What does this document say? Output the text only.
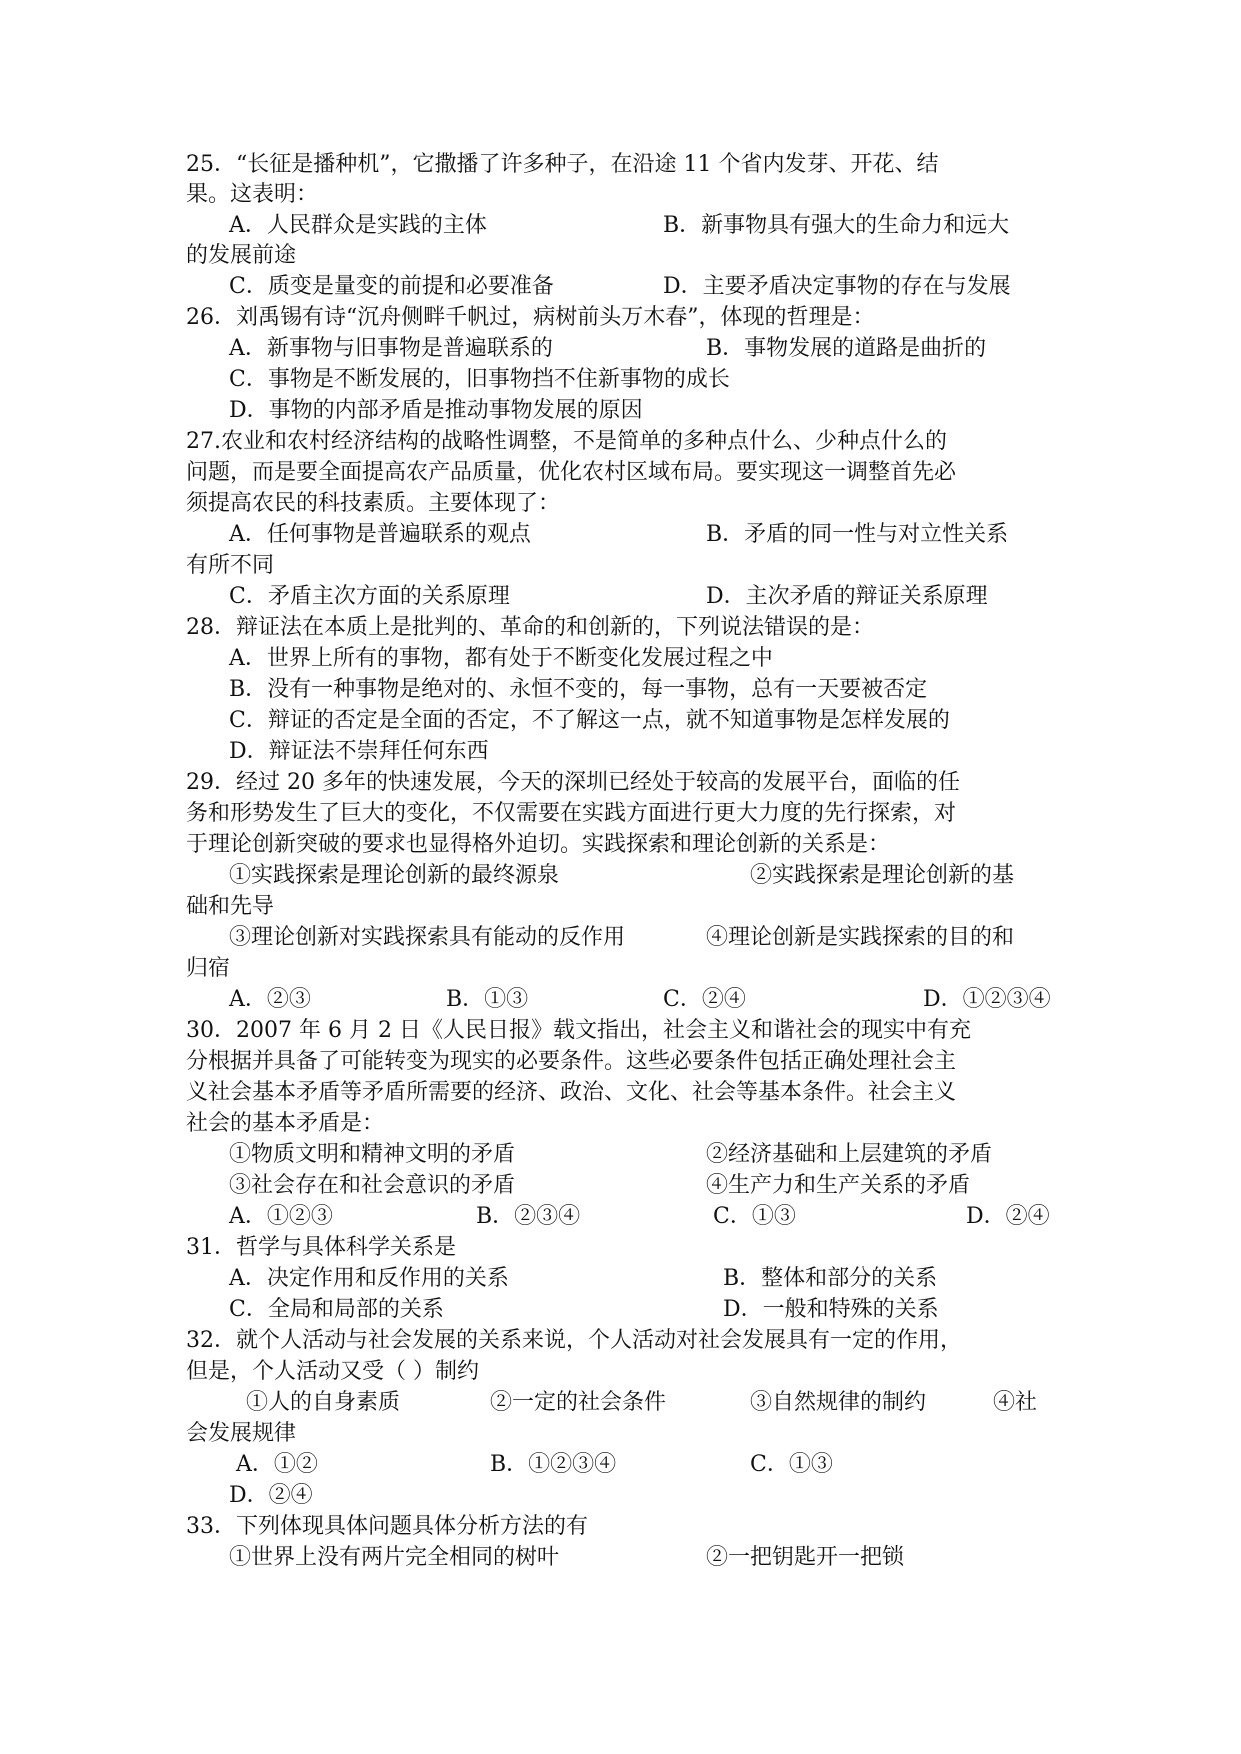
25．“长征是播种机”，它撒播了许多种子，在沿途 11 个省内发芽、开花、结
果。这表明：
A．人民群众是实践的主体	B．新事物具有强大的生命力和远大
的发展前途
C．质变是量变的前提和必要准备	D．主要矛盾决定事物的存在与发展
26．刘禹锡有诗“沉舟侧畔千帆过，病树前头万木春”，体现的哲理是：
A．新事物与旧事物是普遍联系的	B．事物发展的道路是曲折的
C．事物是不断发展的，旧事物挡不住新事物的成长
D．事物的内部矛盾是推动事物发展的原因
27.农业和农村经济结构的战略性调整，不是简单的多种点什么、少种点什么的
问题，而是要全面提高农产品质量，优化农村区域布局。要实现这一调整首先必
须提高农民的科技素质。主要体现了：
A．任何事物是普遍联系的观点	B．矛盾的同一性与对立性关系
有所不同
C．矛盾主次方面的关系原理	D．主次矛盾的辩证关系原理
28．辩证法在本质上是批判的、革命的和创新的，下列说法错误的是：
A．世界上所有的事物，都有处于不断变化发展过程之中
B．没有一种事物是绝对的、永恒不变的，每一事物，总有一天要被否定
C．辩证的否定是全面的否定，不了解这一点，就不知道事物是怎样发展的
D．辩证法不崇拜任何东西
29．经过 20 多年的快速发展，今天的深圳已经处于较高的发展平台，面临的任
务和形势发生了巨大的变化，不仅需要在实践方面进行更大力度的先行探索，对
于理论创新突破的要求也显得格外迫切。实践探索和理论创新的关系是：
①实践探索是理论创新的最终源泉	②实践探索是理论创新的基
础和先导
③理论创新对实践探索具有能动的反作用	④理论创新是实践探索的目的和
归宿
A．②③	B．①③	C．②④	D．①②③④
30．2007 年 6 月 2 日《人民日报》载文指出，社会主义和谐社会的现实中有充
分根据并具备了可能转变为现实的必要条件。这些必要条件包括正确处理社会主
义社会基本矛盾等矛盾所需要的经济、政治、文化、社会等基本条件。社会主义
社会的基本矛盾是：
①物质文明和精神文明的矛盾	②经济基础和上层建筑的矛盾
③社会存在和社会意识的矛盾	④生产力和生产关系的矛盾
A．①②③	B．②③④	C．①③	D．②④
31．哲学与具体科学关系是
A．决定作用和反作用的关系	B．整体和部分的关系
C．全局和局部的关系	D．一般和特殊的关系
32．就个人活动与社会发展的关系来说，个人活动对社会发展具有一定的作用，
但是，个人活动又受（ ）制约
①人的自身素质	②一定的社会条件	③自然规律的制约	④社
会发展规律
A．①②	B．①②③④	C．①③
D．②④
33．下列体现具体问题具体分析方法的有
①世界上没有两片完全相同的树叶	②一把钥匙开一把锁
